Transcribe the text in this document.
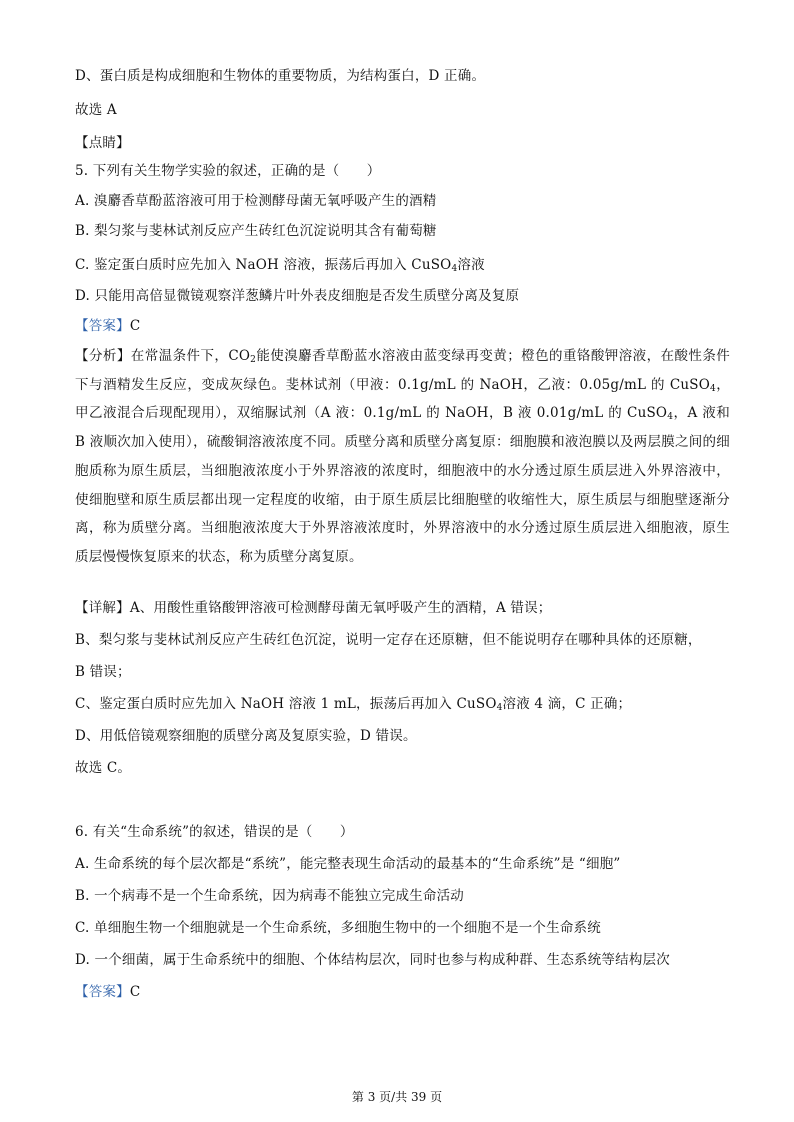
D、蛋白质是构成细胞和生物体的重要物质，为结构蛋白，D 正确。
故选 A
【点睛】
5. 下列有关生物学实验的叙述，正确的是（　　）
A. 溴麝香草酚蓝溶液可用于检测酵母菌无氧呼吸产生的酒精
B. 梨匀浆与斐林试剂反应产生砖红色沉淀说明其含有葡萄糖
C. 鉴定蛋白质时应先加入 NaOH 溶液，振荡后再加入 CuSO$_4$溶液
D. 只能用高倍显微镜观察洋葱鳞片叶外表皮细胞是否发生质壁分离及复原
【答案】C
【分析】在常温条件下，$CO_2$能使溴麝香草酚蓝水溶液由蓝变绿再变黄；橙色的重铬酸钾溶液，在酸性条件下与酒精发生反应，变成灰绿色。斐林试剂（甲液：0.1g/mL 的 NaOH，乙液：0.05g/mL 的 CuSO$_4$，甲乙液混合后现配现用），双缩脲试剂（A 液：0.1g/mL 的 NaOH，B 液 0.01g/mL 的 CuSO$_4$，A 液和 B 液顺次加入使用），硫酸铜溶液浓度不同。质壁分离和质壁分离复原：细胞膜和液泡膜以及两层膜之间的细胞质称为原生质层，当细胞液浓度小于外界溶液的浓度时，细胞液中的水分透过原生质层进入外界溶液中，使细胞壁和原生质层都出现一定程度的收缩，由于原生质层比细胞壁的收缩性大，原生质层与细胞壁逐渐分离，称为质壁分离。当细胞液浓度大于外界溶液浓度时，外界溶液中的水分透过原生质层进入细胞液，原生质层慢慢恢复原来的状态，称为质壁分离复原。
【详解】A、用酸性重铬酸钾溶液可检测酵母菌无氧呼吸产生的酒精，A 错误；
B、梨匀浆与斐林试剂反应产生砖红色沉淀，说明一定存在还原糖，但不能说明存在哪种具体的还原糖，
B 错误；
C、鉴定蛋白质时应先加入 NaOH 溶液 1 mL，振荡后再加入 CuSO$_4$溶液 4 滴，C 正确；
D、用低倍镜观察细胞的质壁分离及复原实验，D 错误。
故选 C。
6. 有关“生命系统”的叙述，错误的是（　　）
A. 生命系统的每个层次都是“系统”，能完整表现生命活动的最基本的“生命系统”是 “细胞”
B. 一个病毒不是一个生命系统，因为病毒不能独立完成生命活动
C. 单细胞生物一个细胞就是一个生命系统，多细胞生物中的一个细胞不是一个生命系统
D. 一个细菌，属于生命系统中的细胞、个体结构层次，同时也参与构成种群、生态系统等结构层次
【答案】C
第 3 页/共 39 页
